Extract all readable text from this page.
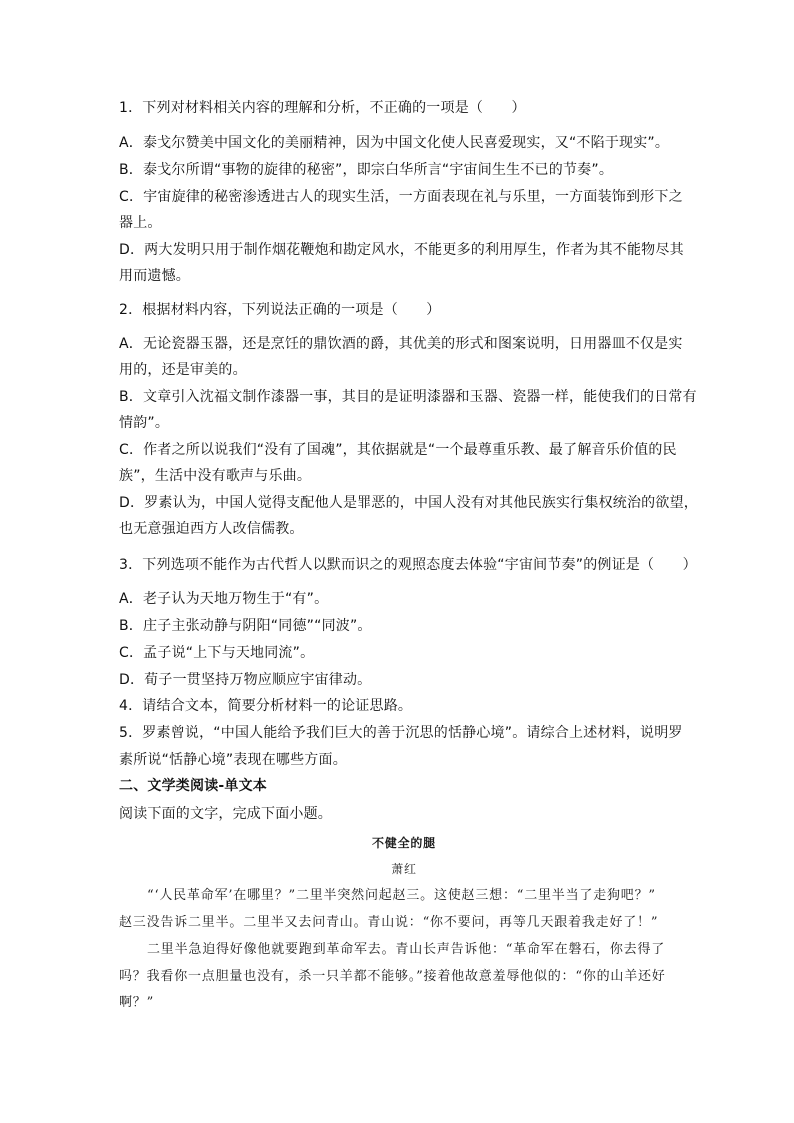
1．下列对材料相关内容的理解和分析，不正确的一项是（　　）
A．泰戈尔赞美中国文化的美丽精神，因为中国文化使人民喜爱现实，又“不陷于现实”。
B．泰戈尔所谓“事物的旋律的秘密”，即宗白华所言“宇宙间生生不已的节奏”。
C．宇宙旋律的秘密渗透进古人的现实生活，一方面表现在礼与乐里，一方面装饰到形下之
器上。
D．两大发明只用于制作烟花鞭炮和勘定风水，不能更多的利用厚生，作者为其不能物尽其
用而遗憾。
2．根据材料内容，下列说法正确的一项是（　　）
A．无论瓷器玉器，还是烹饪的鼎饮酒的爵，其优美的形式和图案说明，日用器皿不仅是实
用的，还是审美的。
B．文章引入沈福文制作漆器一事，其目的是证明漆器和玉器、瓷器一样，能使我们的日常有
情韵”。
C．作者之所以说我们“没有了国魂”，其依据就是“一个最尊重乐教、最了解音乐价值的民
族”，生活中没有歌声与乐曲。
D．罗素认为，中国人觉得支配他人是罪恶的，中国人没有对其他民族实行集权统治的欲望，
也无意强迫西方人改信儒教。
3．下列选项不能作为古代哲人以默而识之的观照态度去体验“宇宙间节奏”的例证是（　　）
A．老子认为天地万物生于“有”。
B．庄子主张动静与阴阳“同德”“同波”。
C．孟子说“上下与天地同流”。
D．荀子一贯坚持万物应顺应宇宙律动。
4．请结合文本，简要分析材料一的论证思路。
5．罗素曾说，“中国人能给予我们巨大的善于沉思的恬静心境”。请综合上述材料，说明罗
素所说“恬静心境”表现在哪些方面。
二、文学类阅读-单文本
阅读下面的文字，完成下面小题。
不健全的腿
萧红
“‘人民革命军’在哪里？”二里半突然问起赵三。这使赵三想：“二里半当了走狗吧？”
赵三没告诉二里半。二里半又去问青山。青山说：“你不要问，再等几天跟着我走好了！”
二里半急迫得好像他就要跑到革命军去。青山长声告诉他：“革命军在磐石，你去得了
吗？我看你一点胆量也没有，杀一只羊都不能够。”接着他故意羞辱他似的：“你的山羊还好
啊？”
